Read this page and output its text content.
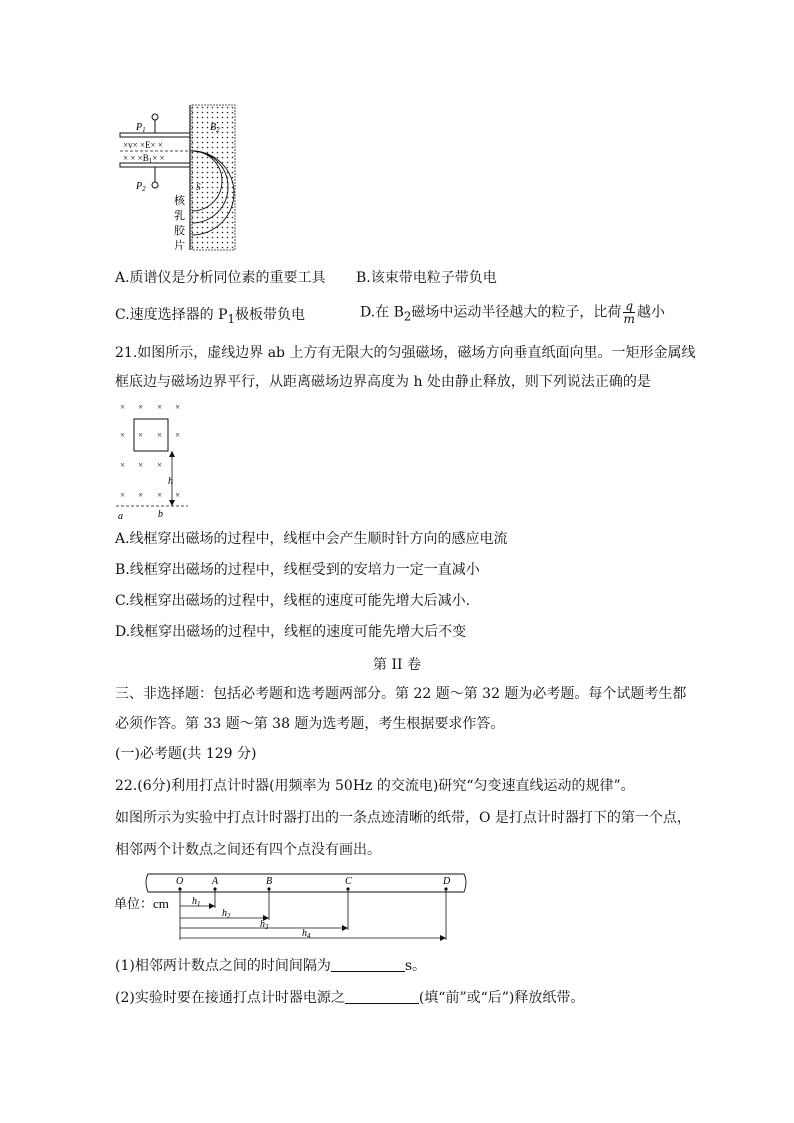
$P_1$
$P_2$
$B_2$
×v× ×E× ×
× × $\times B_1\times$ ×
S
核
乳
胶
片
A.质谱仪是分析同位素的重要工具 B.该束带电粒子带负电
C.速度选择器的 $P_1$极板带负电	D.在 $B_2$磁场中运动半径越大的粒子，比荷 $\frac{q}{m}$ 越小
21.如图所示，虚线边界 ab 上方有无限大的匀强磁场，磁场方向垂直纸面向里。一矩形金属线
框底边与磁场边界平行，从距离磁场边界高度为 h 处由静止释放，则下列说法正确的是
× × × ×
× × × ×
× × ×
× × × ×
h
a	b
A.线框穿出磁场的过程中，线框中会产生顺时针方向的感应电流
B.线框穿出磁场的过程中，线框受到的安培力一定一直减小
C.线框穿出磁场的过程中，线框的速度可能先增大后减小.
D.线框穿出磁场的过程中，线框的速度可能先增大后不变
第 II 卷
三、非选择题：包括必考题和选考题两部分。第 22 题～第 32 题为必考题。每个试题考生都
必须作答。第 33 题～第 38 题为选考题，考生根据要求作答。
(一)必考题(共 129 分)
22.(6分)利用打点计时器(用频率为 50Hz 的交流电)研究“匀变速直线运动的规律”。
如图所示为实验中打点计时器打出的一条点迹清晰的纸带，O 是打点计时器打下的第一个点，
相邻两个计数点之间还有四个点没有画出。
单位：cm
O	A	B	C	D
$h_1$
$h_2$
$h_3$
$h_4$
(1)相邻两计数点之间的时间间隔为	s。
(2)实验时要在接通打点计时器电源之	(填“前”或“后”)释放纸带。
